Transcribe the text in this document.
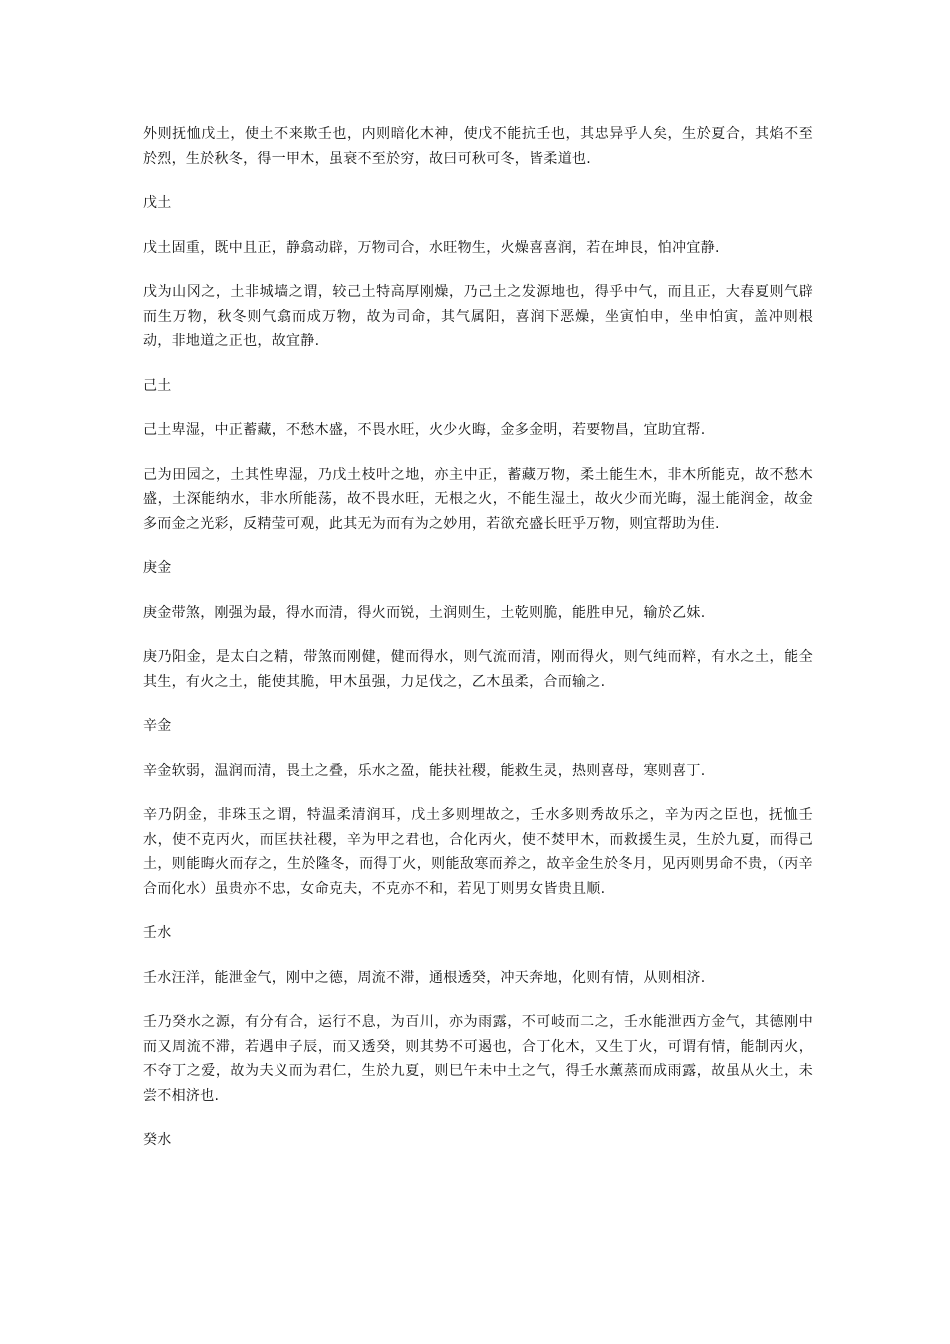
外则抚恤戊土，使土不来欺壬也，内则暗化木神，使戊不能抗壬也，其忠异乎人矣，生於夏合，其焰不至於烈，生於秋冬，得一甲木，虽衰不至於穷，故曰可秋可冬，皆柔道也.

戊土

戊土固重，既中且正，静翕动辟，万物司合，水旺物生，火燥喜喜润，若在坤艮，怕冲宜静.

戊为山冈之，土非城墙之谓，较己土特高厚刚燥，乃己土之发源地也，得乎中气，而且正，大春夏则气辟而生万物，秋冬则气翕而成万物，故为司命，其气属阳，喜润下恶燥，坐寅怕申，坐申怕寅，盖冲则根动，非地道之正也，故宜静.

己土

己土卑湿，中正蓄藏，不愁木盛，不畏水旺，火少火晦，金多金明，若要物昌，宜助宜帮.

己为田园之，土其性卑湿，乃戊土枝叶之地，亦主中正，蓄藏万物，柔土能生木，非木所能克，故不愁木盛，土深能纳水，非水所能荡，故不畏水旺，无根之火，不能生湿土，故火少而光晦，湿土能润金，故金多而金之光彩，反精莹可观，此其无为而有为之妙用，若欲充盛长旺乎万物，则宜帮助为佳.

庚金

庚金带煞，刚强为最，得水而清，得火而锐，土润则生，土乾则脆，能胜申兄，输於乙妹.

庚乃阳金，是太白之精，带煞而刚健，健而得水，则气流而清，刚而得火，则气纯而粹，有水之土，能全其生，有火之土，能使其脆，甲木虽强，力足伐之，乙木虽柔，合而输之.

辛金

辛金软弱，温润而清，畏土之叠，乐水之盈，能扶社稷，能救生灵，热则喜母，寒则喜丁.

辛乃阴金，非珠玉之谓，特温柔清润耳，戊土多则埋故之，壬水多则秀故乐之，辛为丙之臣也，抚恤壬水，使不克丙火，而匡扶社稷，辛为甲之君也，合化丙火，使不焚甲木，而救援生灵，生於九夏，而得己土，则能晦火而存之，生於隆冬，而得丁火，则能敌寒而养之，故辛金生於冬月，见丙则男命不贵，（丙辛合而化水）虽贵亦不忠，女命克夫，不克亦不和，若见丁则男女皆贵且顺.

壬水

壬水汪洋，能泄金气，刚中之德，周流不滞，通根透癸，冲天奔地，化则有情，从则相济.

壬乃癸水之源，有分有合，运行不息，为百川，亦为雨露，不可岐而二之，壬水能泄西方金气，其德刚中而又周流不滞，若遇申子辰，而又透癸，则其势不可遏也，合丁化木，又生丁火，可谓有情，能制丙火，不夺丁之爱，故为夫义而为君仁，生於九夏，则巳午未中土之气，得壬水薰蒸而成雨露，故虽从火土，未尝不相济也.

癸水
